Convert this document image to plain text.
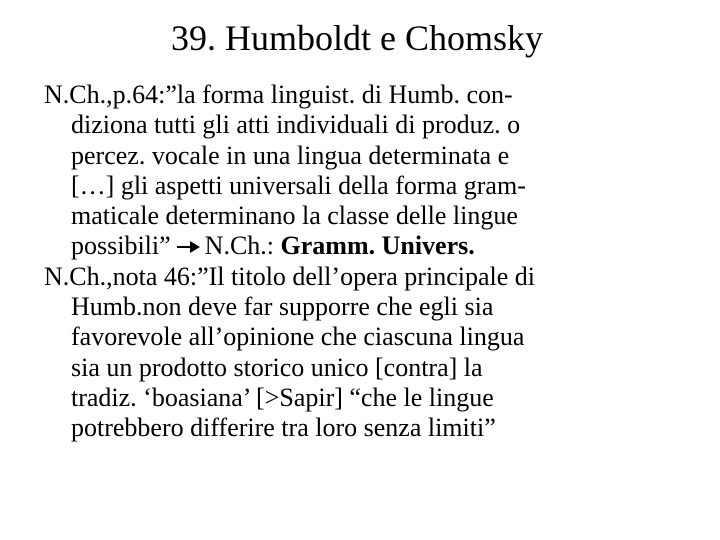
39. Humboldt e Chomsky

N.Ch.,p.64:”la forma linguist. di Humb. con-
diziona tutti gli atti individuali di produz. o
percez. vocale in una lingua determinata e
[…] gli aspetti universali della forma gram-
maticale determinano la classe delle lingue
possibili” N.Ch.: Gramm. Univers.

N.Ch.,nota 46:”Il titolo dell’opera principale di
Humb.non deve far supporre che egli sia
favorevole all’opinione che ciascuna lingua
sia un prodotto storico unico [contra] la
tradiz. ‘boasiana’ [>Sapir] “che le lingue
potrebbero differire tra loro senza limiti”
